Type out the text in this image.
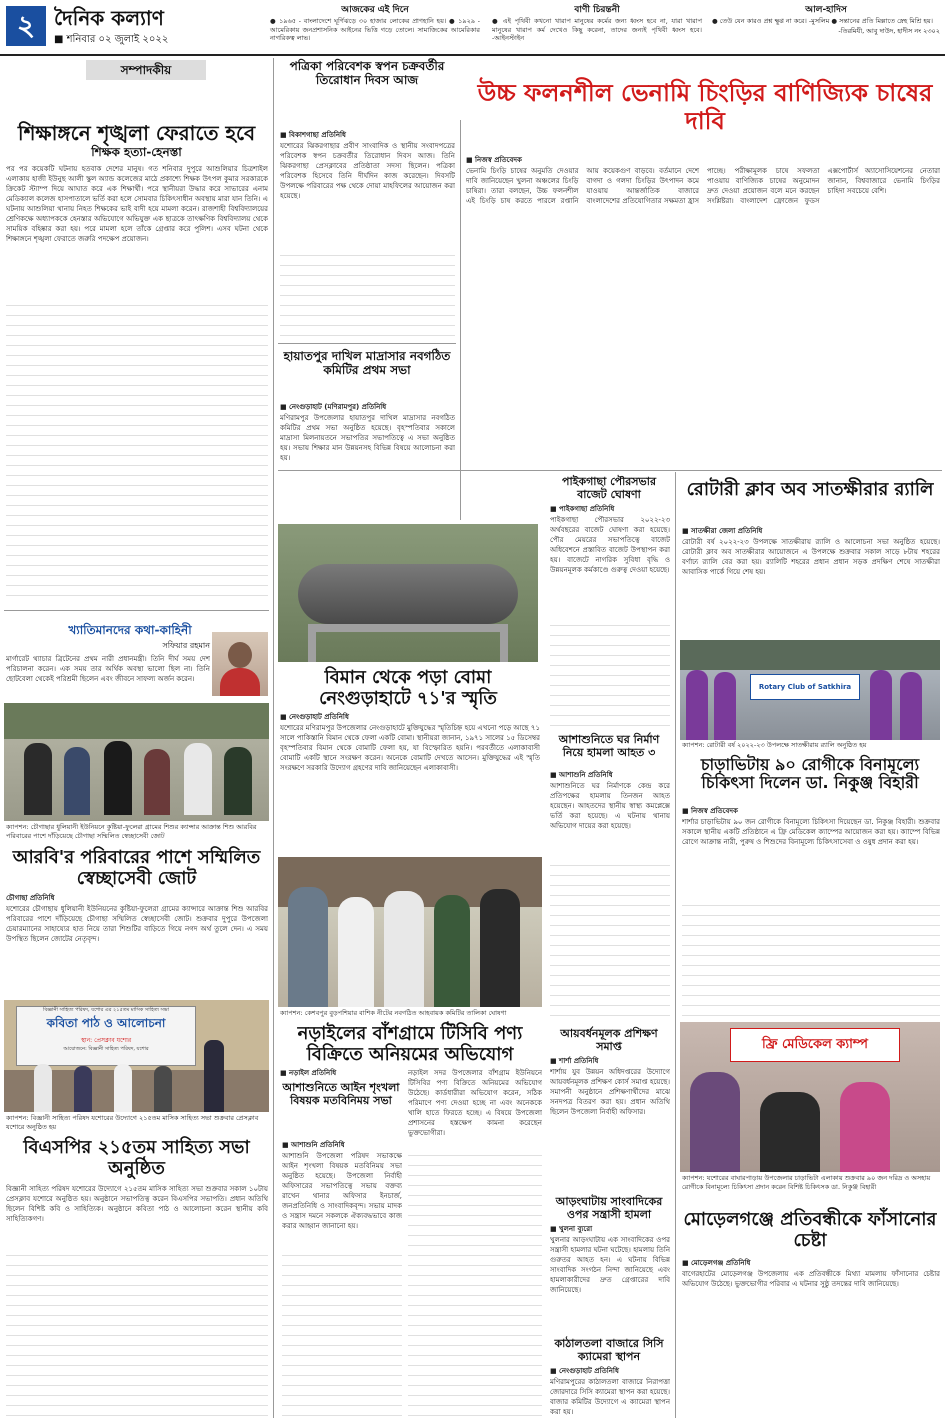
২ দৈনিক কল্যাণ
■ শনিবার ০২ জুলাই ২০২২
আজকের এই দিনে
● ১৯৬৫ - বাংলাদেশে ঘূর্ণিঝড়ে ৩০ হাজার লোকের প্রাণহানি হয়। ● ১৯২৯ - আমেরিকায় জনপ্রশাসনিক আইনের ভিত্তি গড়ে তোলে। সামাজিকের আমেরিকার নাগরিকত্ব লাভ।
বাণী চিরন্তনী
● এই পৃথিবী কখনো খারাপ মানুষের কর্মের জন্য ধ্বংস হবে না, যারা খারাপ মানুষের খারাপ কর্ম দেখেও কিছু করেনা, তাদের জন্যই পৃথিবী ধ্বংস হবে। -আইনস্টাইন
আল-হাদিস
● তেউ যেন কারও প্রশ্ন ক্ষুণ্ণ না করে। -মুসলিম ● সন্তানের প্রতি মিল্লাতে স্নেহ মিশ্রি হয়।
-তিরমিযী, আবু দাউদ, হাদীস নং ২৩০২
সম্পাদকীয়
শিক্ষাঙ্গনে শৃঙ্খলা ফেরাতে হবে
শিক্ষক হত্যা-হেনস্তা
পর পর কয়েকটি ঘটনায় হতবাক দেশের মানুষ। গত শনিবার দুপুরে আশুলিয়ার চিত্রশাইল এলাকায় হাজী ইউনুছ আলী স্কুল অ্যান্ড কলেজের মাঠে প্রকাশ্যে শিক্ষক উৎপল কুমার সরকারকে ক্রিকেট স্ট্যাম্প দিয়ে আঘাত করে এক শিক্ষার্থী। পরে স্থানীয়রা উদ্ধার করে সাভারের এনাম মেডিক্যাল কলেজ হাসপাতালে ভর্তি করা হলে সোমবার চিকিৎসাধীন অবস্থায় মারা যান তিনি। এ ঘটনায় আশুলিয়া থানায় নিহত শিক্ষকের ভাই বাদী হয়ে মামলা করেন। রাজশাহী বিশ্ববিদ্যালয়ের শ্রেণিকক্ষে অধ্যাপককে হেনস্তার অভিযোগে অভিযুক্ত এক ছাত্রকে তাৎক্ষণিক বিশ্ববিদ্যালয় থেকে সাময়িক বহিষ্কার করা হয়। পরে মামলা হলে তাঁকে গ্রেপ্তার করে পুলিশ। এসব ঘটনা থেকে শিক্ষাঙ্গনে শৃঙ্খলা ফেরাতে জরুরি পদক্ষেপ প্রয়োজন।
খ্যাতিমানদের কথা-কাহিনী
সফিয়ার রহমান
মার্গারেট থ্যাচার ব্রিটেনের প্রথম নারী প্রধানমন্ত্রী। তিনি দীর্ঘ সময় দেশ পরিচালনা করেন। এক সময় তার অর্থিক অবস্থা ভালো ছিল না। তিনি ছোটবেলা থেকেই পরিশ্রমী ছিলেন এবং জীবনে সাফল্য অর্জন করেন।
ক্যাপশন: চৌগাছার ধুলিয়ানী ইউনিয়নে কুষ্টিয়া-ফুলেরা গ্রামের শিশুর ক্যান্সার আক্রান্ত শিশু আরবির পরিবারের পাশে দাঁড়িয়েছে চৌগাছা সম্মিলিত স্বেচ্ছাসেবী জোট
আরবি'র পরিবারের পাশে সম্মিলিত স্বেচ্ছাসেবী জোট
চৌগাছা প্রতিনিধি
যশোরের চৌগাছায় ধুলিয়ানী ইউনিয়নের কুষ্টিয়া-ফুলেরা গ্রামের ক্যান্সারে আক্রান্ত শিশু আরবির পরিবারের পাশে দাঁড়িয়েছে চৌগাছা সম্মিলিত স্বেচ্ছাসেবী জোট। শুক্রবার দুপুরে উপজেলা চেয়ারম্যানের সাহায্যের হাত নিয়ে তারা শিশুটির বাড়িতে গিয়ে নগদ অর্থ তুলে দেন। এ সময় উপস্থিত ছিলেন জোটের নেতৃবৃন্দ।
বিজ্ঞানী সাহিত্য পরিষদ, যশোর এর ২১৫তম মাসিক সাহিত্য সভা
কবিতা পাঠ ও আলোচনা
স্থান: প্রেসক্লাব যশোর
আয়োজনে: বিজ্ঞানী সাহিত্য পরিষদ, যশোর
ক্যাপশন: বিজ্ঞানী সাহিত্য পরিষদ যশোরের উদ্যোগে ২১৫তম মাসিক সাহিত্য সভা শুক্রবার প্রেসক্লাব যশোরে অনুষ্ঠিত হয়
বিএসপির ২১৫তম সাহিত্য সভা অনুষ্ঠিত
বিজ্ঞানী সাহিত্য পরিষদ যশোরের উদ্যোগে ২১৫তম মাসিক সাহিত্য সভা শুক্রবার সকাল ১০টায় প্রেসক্লাব যশোরে অনুষ্ঠিত হয়। অনুষ্ঠানে সভাপতিত্ব করেন বিএসপির সভাপতি। প্রধান অতিথি ছিলেন বিশিষ্ট কবি ও সাহিত্যিক। অনুষ্ঠানে কবিতা পাঠ ও আলোচনা করেন স্থানীয় কবি সাহিত্যিকগণ।
পত্রিকা পরিবেশক স্বপন চক্রবর্তীর তিরোধান দিবস আজ
■ বিকাশগাছা প্রতিনিধি
যশোরের ঝিকরগাছার প্রবীণ সাংবাদিক ও স্থানীয় সংবাদপত্রের পরিবেশক স্বপন চক্রবর্তীর তিরোধান দিবস আজ। তিনি ঝিকরগাছা প্রেসক্লাবের প্রতিষ্ঠাতা সদস্য ছিলেন। পত্রিকা পরিবেশক হিসেবে তিনি দীর্ঘদিন কাজ করেছেন। দিবসটি উপলক্ষে পরিবারের পক্ষ থেকে দোয়া মাহফিলের আয়োজন করা হয়েছে।
হায়াতপুর দাখিল মাদ্রাসার নবগঠিত কমিটির প্রথম সভা
■ নেংগুড়াহাট (মণিরামপুর) প্রতিনিধি
মণিরামপুর উপজেলার হায়াতপুর দাখিল মাদ্রাসার নবগঠিত কমিটির প্রথম সভা অনুষ্ঠিত হয়েছে। বৃহস্পতিবার সকালে মাদ্রাসা মিলনায়তনে সভাপতির সভাপতিত্বে এ সভা অনুষ্ঠিত হয়। সভায় শিক্ষার মান উন্নয়নসহ বিভিন্ন বিষয়ে আলোচনা করা হয়।
উচ্চ ফলনশীল ভেনামি চিংড়ির বাণিজ্যিক চাষের দাবি
■ নিজস্ব প্রতিবেদক
ভেনামি চিংড়ি চাষের অনুমতি দেওয়ার দাবি জানিয়েছেন খুলনা অঞ্চলের চিংড়ি চাষিরা। তারা বলছেন, উচ্চ ফলনশীল এই চিংড়ি চাষ করতে পারলে রপ্তানি আয় কয়েকগুণ বাড়বে। বর্তমানে দেশে বাগদা ও গলদা চিংড়ির উৎপাদন কমে যাওয়ায় আন্তর্জাতিক বাজারে বাংলাদেশের প্রতিযোগিতার সক্ষমতা হ্রাস পাচ্ছে। পরীক্ষামূলক চাষে সফলতা পাওয়ায় বাণিজ্যিক চাষের অনুমোদন দ্রুত দেওয়া প্রয়োজন বলে মনে করছেন সংশ্লিষ্টরা। বাংলাদেশ ফ্রোজেন ফুডস এক্সপোর্টার্স অ্যাসোসিয়েশনের নেতারা জানান, বিশ্ববাজারে ভেনামি চিংড়ির চাহিদা সবচেয়ে বেশি।
বিমান থেকে পড়া বোমা নেংগুড়াহাটে ৭১'র স্মৃতি
■ নেংগুড়াহাট প্রতিনিধি
যশোরের মণিরামপুর উপজেলার নেংগুড়াহাটে মুক্তিযুদ্ধের স্মৃতিচিহ্ন হয়ে এখনো পড়ে আছে ৭১ সালে পাকিস্তানি বিমান থেকে ফেলা একটি বোমা। স্থানীয়রা জানান, ১৯৭১ সালের ১৫ ডিসেম্বর বৃহস্পতিবার বিমান থেকে বোমাটি ফেলা হয়, যা বিস্ফোরিত হয়নি। পরবর্তীতে এলাকাবাসী বোমাটি একটি স্থানে সংরক্ষণ করেন। অনেকে বোমাটি দেখতে আসেন। মুক্তিযুদ্ধের এই স্মৃতি সংরক্ষণে সরকারি উদ্যোগ গ্রহণের দাবি জানিয়েছেন এলাকাবাসী।
পাইকগাছা পৌরসভার বাজেট ঘোষণা
■ পাইকগাছা প্রতিনিধি
পাইকগাছা পৌরসভার ২০২২-২৩ অর্থবছরের বাজেট ঘোষণা করা হয়েছে। পৌর মেয়রের সভাপতিত্বে বাজেট অধিবেশনে প্রস্তাবিত বাজেট উপস্থাপন করা হয়। বাজেটে নাগরিক সুবিধা বৃদ্ধি ও উন্নয়নমূলক কর্মকাণ্ডে গুরুত্ব দেওয়া হয়েছে।
আশাশুনিতে ঘর নির্মাণ নিয়ে হামলা আহত ৩
■ আশাশুনি প্রতিনিধি
আশাশুনিতে ঘর নির্মাণকে কেন্দ্র করে প্রতিপক্ষের হামলায় তিনজন আহত হয়েছেন। আহতদের স্থানীয় স্বাস্থ্য কমপ্লেক্সে ভর্তি করা হয়েছে। এ ঘটনায় থানায় অভিযোগ দায়ের করা হয়েছে।
ক্যাপশন: কেশবপুর বুড়পশিয়ার বাশিক নীটের নবগঠিত আহবায়ক কমিটির তালিকা ঘোষণা
নড়াইলের বাঁশগ্রামে টিসিবি পণ্য বিক্রিতে অনিয়মের অভিযোগ
■ নড়াইল প্রতিনিধি	নড়াইল সদর উপজেলার বাঁশগ্রাম ইউনিয়নে টিসিবির পণ্য বিক্রিতে অনিয়মের অভিযোগ উঠেছে। কার্ডধারীরা অভিযোগ করেন, সঠিক পরিমাণে পণ্য দেওয়া হচ্ছে না এবং অনেককে খালি হাতে ফিরতে হচ্ছে। এ বিষয়ে উপজেলা প্রশাসনের হস্তক্ষেপ কামনা করেছেন ভুক্তভোগীরা।
আশাশুনিতে আইন শৃংখলা বিষয়ক মতবিনিময় সভা
■ আশাশুনি প্রতিনিধি
আশাশুনি উপজেলা পরিষদ সভাকক্ষে আইন শৃংখলা বিষয়ক মতবিনিময় সভা অনুষ্ঠিত হয়েছে। উপজেলা নির্বাহী অফিসারের সভাপতিত্বে সভায় বক্তব্য রাখেন থানার অফিসার ইনচার্জ, জনপ্রতিনিধি ও সাংবাদিকবৃন্দ। সভায় মাদক ও সন্ত্রাস দমনে সকলকে ঐক্যবদ্ধভাবে কাজ করার আহ্বান জানানো হয়।
আয়বর্ধনমূলক প্রশিক্ষণ সমাপ্ত
■ শার্শা প্রতিনিধি
শার্শায় যুব উন্নয়ন অধিদপ্তরের উদ্যোগে আয়বর্ধনমূলক প্রশিক্ষণ কোর্স সমাপ্ত হয়েছে। সমাপনী অনুষ্ঠানে প্রশিক্ষণার্থীদের মাঝে সনদপত্র বিতরণ করা হয়। প্রধান অতিথি ছিলেন উপজেলা নির্বাহী অফিসার।
আড়ংঘাটায় সাংবাদিকের ওপর সন্ত্রাসী হামলা
■ খুলনা ব্যুরো
খুলনার আড়ংঘাটায় এক সাংবাদিকের ওপর সন্ত্রাসী হামলার ঘটনা ঘটেছে। হামলায় তিনি গুরুতর আহত হন। এ ঘটনায় বিভিন্ন সাংবাদিক সংগঠন নিন্দা জানিয়েছে এবং হামলাকারীদের দ্রুত গ্রেপ্তারের দাবি জানিয়েছে।
কাঠালতলা বাজারে সিসি ক্যামেরা স্থাপন
■ নেংগুড়াহাট প্রতিনিধি
মণিরামপুরের কাঠালতলা বাজারে নিরাপত্তা জোরদারে সিসি ক্যামেরা স্থাপন করা হয়েছে। বাজার কমিটির উদ্যোগে এ ক্যামেরা স্থাপন করা হয়।
রোটারী ক্লাব অব সাতক্ষীরার র‌্যালি
■ সাতক্ষীরা জেলা প্রতিনিধি
রোটারী বর্ষ ২০২২-২৩ উপলক্ষে সাতক্ষীরায় র‌্যালি ও আলোচনা সভা অনুষ্ঠিত হয়েছে। রোটারী ক্লাব অব সাতক্ষীরার আয়োজনে এ উপলক্ষে শুক্রবার সকাল সাড়ে ৮টায় শহরের বর্ণাঢ্য র‌্যালি বের করা হয়। র‌্যালিটি শহরের প্রধান প্রধান সড়ক প্রদক্ষিণ শেষে সাতক্ষীরা আবাসিক পার্কে গিয়ে শেষ হয়।
Rotary Club of Satkhira
ক্যাপশন: রোটারী বর্ষ ২০২২-২৩ উপলক্ষে সাতক্ষীরায় র‌্যালি অনুষ্ঠিত হয়
চাড়াভিটায় ৯০ রোগীকে বিনামূল্যে চিকিৎসা দিলেন ডা. নিকুঞ্জ বিহারী
■ নিজস্ব প্রতিবেদক
শার্শার চাড়াভিটায় ৯০ জন রোগীকে বিনামূল্যে চিকিৎসা দিয়েছেন ডা. নিকুঞ্জ বিহারী। শুক্রবার সকালে স্থানীয় একটি প্রতিষ্ঠানে এ ফ্রি মেডিকেল ক্যাম্পের আয়োজন করা হয়। ক্যাম্পে বিভিন্ন রোগে আক্রান্ত নারী, পুরুষ ও শিশুদের বিনামূল্যে চিকিৎসাসেবা ও ওষুধ প্রদান করা হয়।
ফ্রি মেডিকেল ক্যাম্প
ক্যাপশন: যশোরের বাঘারপাড়ায় উপজেলার চাড়াভিটা এলাকায় শুক্রবার ৯০ জন দরিদ্র ও অসহায় রোগীকে বিনামূল্যে চিকিৎসা প্রদান করেন বিশিষ্ট চিকিৎসক ডা. নিকুঞ্জ বিহারী
মোড়েলগঞ্জে প্রতিবন্ধীকে ফাঁসানোর চেষ্টা
■ মোড়েলগঞ্জ প্রতিনিধি
বাগেরহাটের মোড়েলগঞ্জ উপজেলায় এক প্রতিবন্ধীকে মিথ্যা মামলায় ফাঁসানোর চেষ্টার অভিযোগ উঠেছে। ভুক্তভোগীর পরিবার এ ঘটনার সুষ্ঠু তদন্তের দাবি জানিয়েছে।
